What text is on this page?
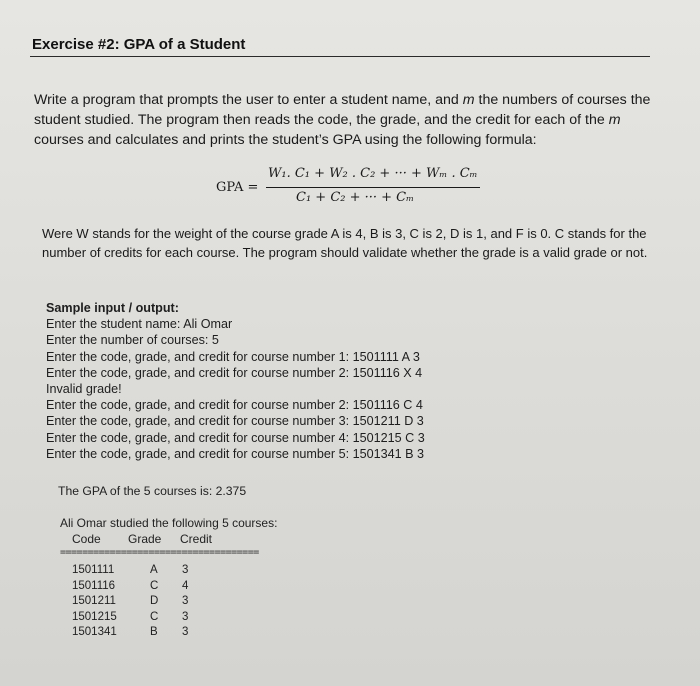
Exercise #2: GPA of a Student
Write a program that prompts the user to enter a student name, and m the numbers of courses the student studied. The program then reads the code, the grade, and the credit for each of the m courses and calculates and prints the student’s GPA using the following formula:
GPA =
W₁. C₁ + W₂ . C₂ + ··· + Wₘ . Cₘ
C₁ + C₂ + ··· + Cₘ
Were W stands for the weight of the course grade A is 4, B is 3, C is 2, D is 1, and F is 0. C stands for the number of credits for each course. The program should validate whether the grade is a valid grade or not.
Sample input / output:
Enter the student name: Ali Omar
Enter the number of courses: 5
Enter the code, grade, and credit for course number 1: 1501111 A 3
Enter the code, grade, and credit for course number 2: 1501116 X 4
Invalid grade!
Enter the code, grade, and credit for course number 2: 1501116 C 4
Enter the code, grade, and credit for course number 3: 1501211 D 3
Enter the code, grade, and credit for course number 4: 1501215 C 3
Enter the code, grade, and credit for course number 5: 1501341 B 3
The GPA of the 5 courses is: 2.375
Ali Omar studied the following 5 courses:
Code Grade Credit
====================================
1501111	A 3
1501116	C 4
1501211	D 3
1501215	C 3
1501341	B 3
